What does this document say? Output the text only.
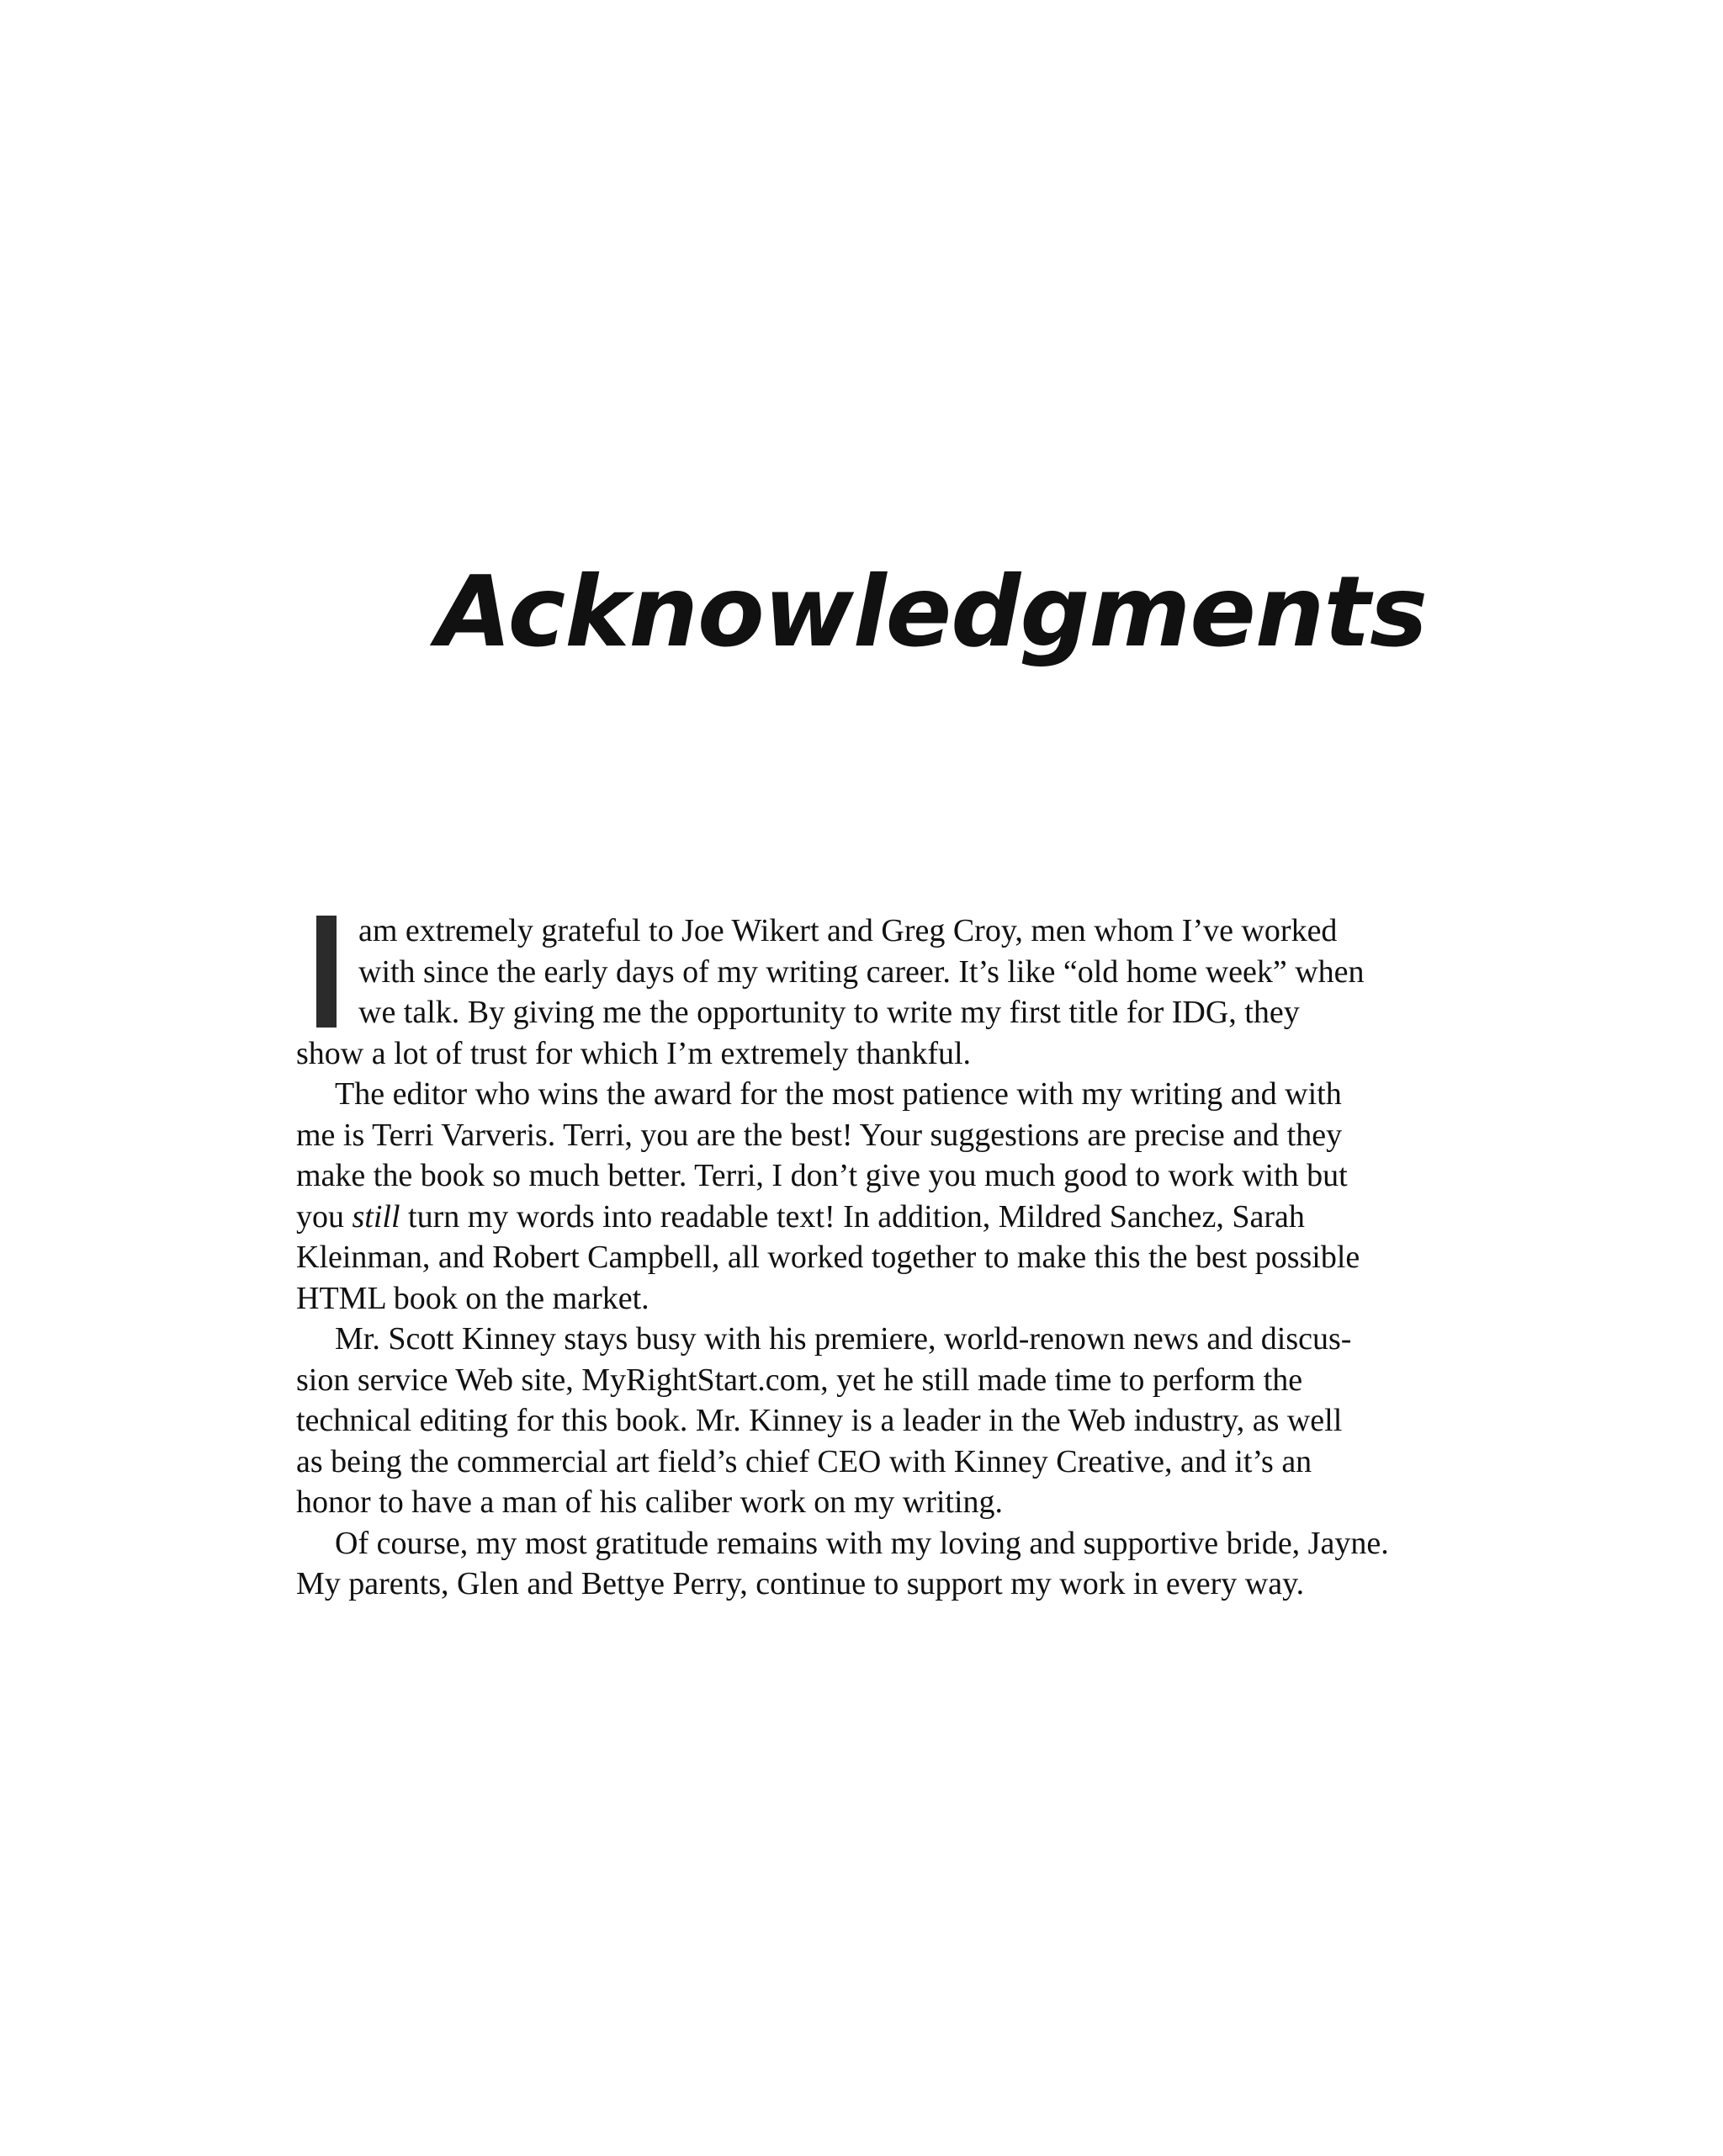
Acknowledgments

am extremely grateful to Joe Wikert and Greg Croy, men whom I’ve worked
with since the early days of my writing career. It’s like “old home week” when
we talk. By giving me the opportunity to write my first title for IDG, they
show a lot of trust for which I’m extremely thankful.

The editor who wins the award for the most patience with my writing and with
me is Terri Varveris. Terri, you are the best! Your suggestions are precise and they
make the book so much better. Terri, I don’t give you much good to work with but
you still turn my words into readable text! In addition, Mildred Sanchez, Sarah
Kleinman, and Robert Campbell, all worked together to make this the best possible
HTML book on the market.

Mr. Scott Kinney stays busy with his premiere, world-renown news and discus-
sion service Web site, MyRightStart.com, yet he still made time to perform the
technical editing for this book. Mr. Kinney is a leader in the Web industry, as well
as being the commercial art field’s chief CEO with Kinney Creative, and it’s an
honor to have a man of his caliber work on my writing.

Of course, my most gratitude remains with my loving and supportive bride, Jayne.
My parents, Glen and Bettye Perry, continue to support my work in every way.
